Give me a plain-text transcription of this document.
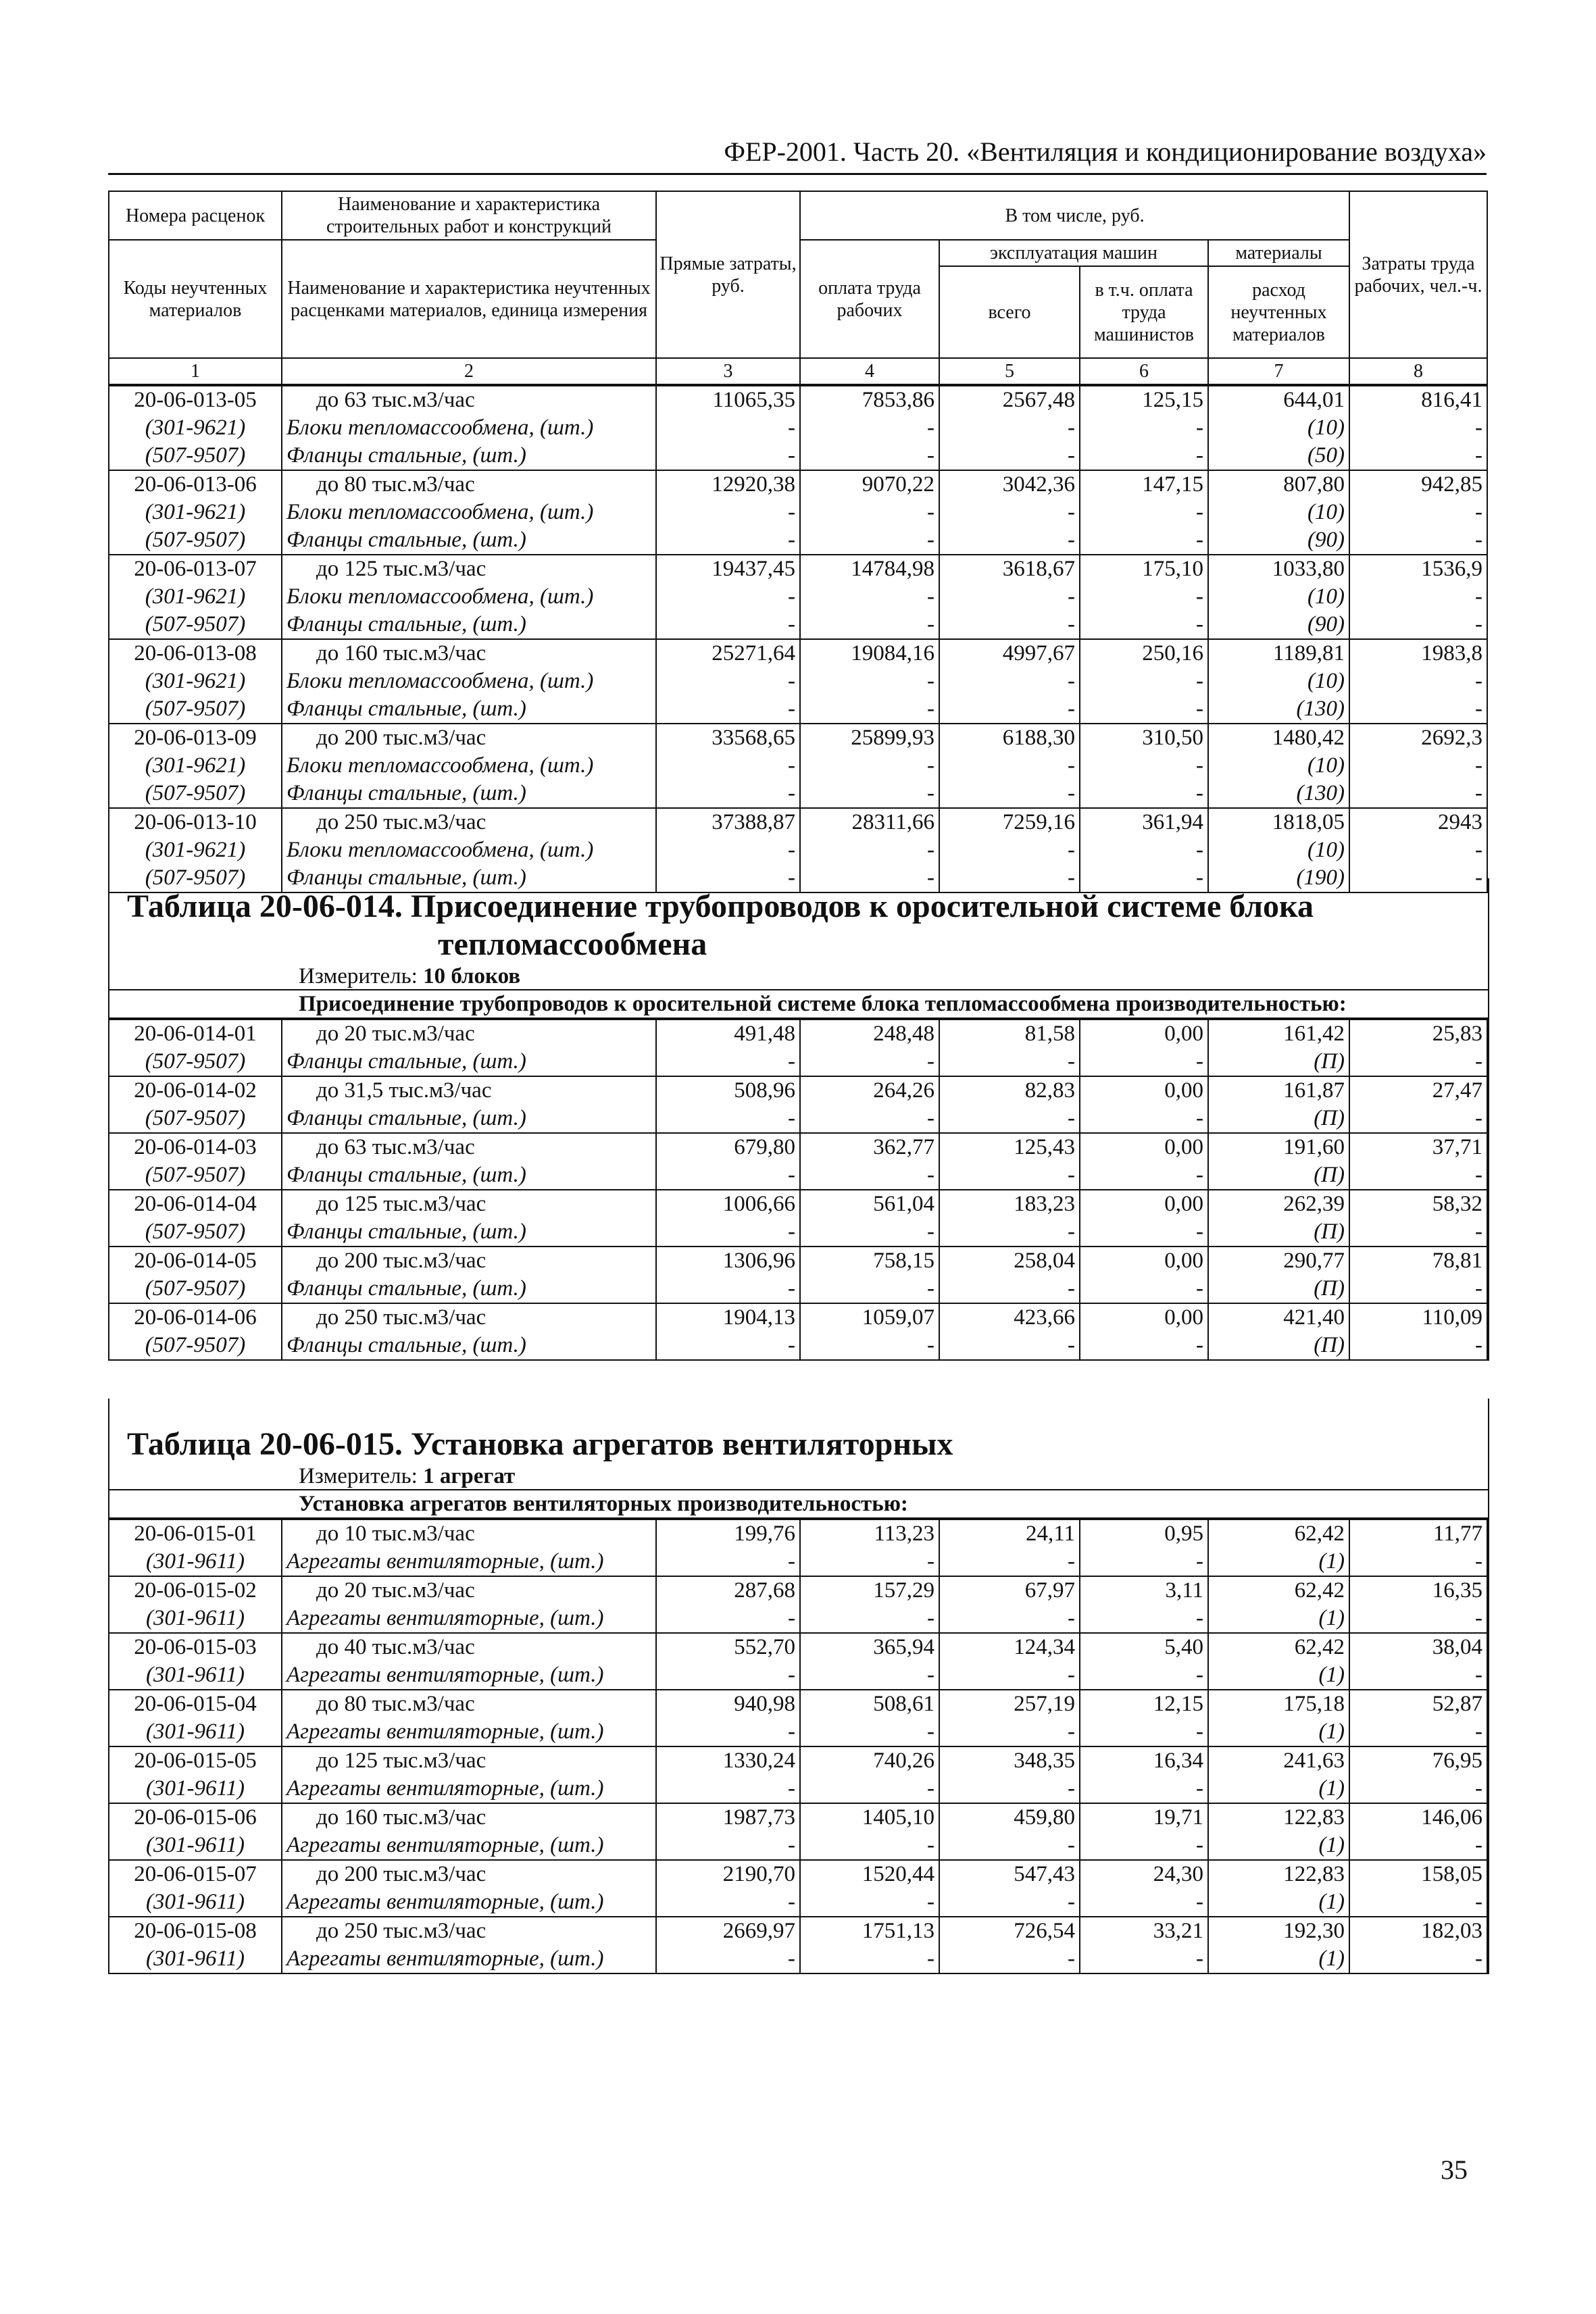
ФЕР-2001. Часть 20. «Вентиляция и кондиционирование воздуха»
Номера расценок	Наименование и характеристика строительных работ и конструкций	Прямые затраты, руб.	В том числе, руб.				Затраты труда рабочих, чел.-ч.
Коды неучтенных материалов	Наименование и характеристика неучтенных расценками материалов, единица измерения		оплата труда рабочих	эксплуатация машин		материалы	
				всего	в т.ч. оплата труда машинистов	расход неучтенных материалов	
1	2	3	4	5	6	7	8
20-06-013-05	до 63 тыс.м3/час	11065,35	7853,86	2567,48	125,15	644,01	816,41
(301-9621)	Блоки тепломассообмена, (шт.)	-	-	-	-	(10)	-
(507-9507)	Фланцы стальные, (шт.)	-	-	-	-	(50)	-
20-06-013-06	до 80 тыс.м3/час	12920,38	9070,22	3042,36	147,15	807,80	942,85
(301-9621)	Блоки тепломассообмена, (шт.)	-	-	-	-	(10)	-
(507-9507)	Фланцы стальные, (шт.)	-	-	-	-	(90)	-
20-06-013-07	до 125 тыс.м3/час	19437,45	14784,98	3618,67	175,10	1033,80	1536,9
(301-9621)	Блоки тепломассообмена, (шт.)	-	-	-	-	(10)	-
(507-9507)	Фланцы стальные, (шт.)	-	-	-	-	(90)	-
20-06-013-08	до 160 тыс.м3/час	25271,64	19084,16	4997,67	250,16	1189,81	1983,8
(301-9621)	Блоки тепломассообмена, (шт.)	-	-	-	-	(10)	-
(507-9507)	Фланцы стальные, (шт.)	-	-	-	-	(130)	-
20-06-013-09	до 200 тыс.м3/час	33568,65	25899,93	6188,30	310,50	1480,42	2692,3
(301-9621)	Блоки тепломассообмена, (шт.)	-	-	-	-	(10)	-
(507-9507)	Фланцы стальные, (шт.)	-	-	-	-	(130)	-
20-06-013-10	до 250 тыс.м3/час	37388,87	28311,66	7259,16	361,94	1818,05	2943
(301-9621)	Блоки тепломассообмена, (шт.)	-	-	-	-	(10)	-
(507-9507)	Фланцы стальные, (шт.)	-	-	-	-	(190)	-
Таблица 20-06-014. Присоединение трубопроводов к оросительной системе блока
тепломассообмена
Измеритель: 10 блоков
Присоединение трубопроводов к оросительной системе блока тепломассообмена производительностью:
20-06-014-01	до 20 тыс.м3/час	491,48	248,48	81,58	0,00	161,42	25,83
(507-9507)	Фланцы стальные, (шт.)	-	-	-	-	(П)	-
20-06-014-02	до 31,5 тыс.м3/час	508,96	264,26	82,83	0,00	161,87	27,47
(507-9507)	Фланцы стальные, (шт.)	-	-	-	-	(П)	-
20-06-014-03	до 63 тыс.м3/час	679,80	362,77	125,43	0,00	191,60	37,71
(507-9507)	Фланцы стальные, (шт.)	-	-	-	-	(П)	-
20-06-014-04	до 125 тыс.м3/час	1006,66	561,04	183,23	0,00	262,39	58,32
(507-9507)	Фланцы стальные, (шт.)	-	-	-	-	(П)	-
20-06-014-05	до 200 тыс.м3/час	1306,96	758,15	258,04	0,00	290,77	78,81
(507-9507)	Фланцы стальные, (шт.)	-	-	-	-	(П)	-
20-06-014-06	до 250 тыс.м3/час	1904,13	1059,07	423,66	0,00	421,40	110,09
(507-9507)	Фланцы стальные, (шт.)	-	-	-	-	(П)	-
Таблица 20-06-015. Установка агрегатов вентиляторных
Измеритель: 1 агрегат
Установка агрегатов вентиляторных производительностью:
20-06-015-01	до 10 тыс.м3/час	199,76	113,23	24,11	0,95	62,42	11,77
(301-9611)	Агрегаты вентиляторные, (шт.)	-	-	-	-	(1)	-
20-06-015-02	до 20 тыс.м3/час	287,68	157,29	67,97	3,11	62,42	16,35
(301-9611)	Агрегаты вентиляторные, (шт.)	-	-	-	-	(1)	-
20-06-015-03	до 40 тыс.м3/час	552,70	365,94	124,34	5,40	62,42	38,04
(301-9611)	Агрегаты вентиляторные, (шт.)	-	-	-	-	(1)	-
20-06-015-04	до 80 тыс.м3/час	940,98	508,61	257,19	12,15	175,18	52,87
(301-9611)	Агрегаты вентиляторные, (шт.)	-	-	-	-	(1)	-
20-06-015-05	до 125 тыс.м3/час	1330,24	740,26	348,35	16,34	241,63	76,95
(301-9611)	Агрегаты вентиляторные, (шт.)	-	-	-	-	(1)	-
20-06-015-06	до 160 тыс.м3/час	1987,73	1405,10	459,80	19,71	122,83	146,06
(301-9611)	Агрегаты вентиляторные, (шт.)	-	-	-	-	(1)	-
20-06-015-07	до 200 тыс.м3/час	2190,70	1520,44	547,43	24,30	122,83	158,05
(301-9611)	Агрегаты вентиляторные, (шт.)	-	-	-	-	(1)	-
20-06-015-08	до 250 тыс.м3/час	2669,97	1751,13	726,54	33,21	192,30	182,03
(301-9611)	Агрегаты вентиляторные, (шт.)	-	-	-	-	(1)	-
35
